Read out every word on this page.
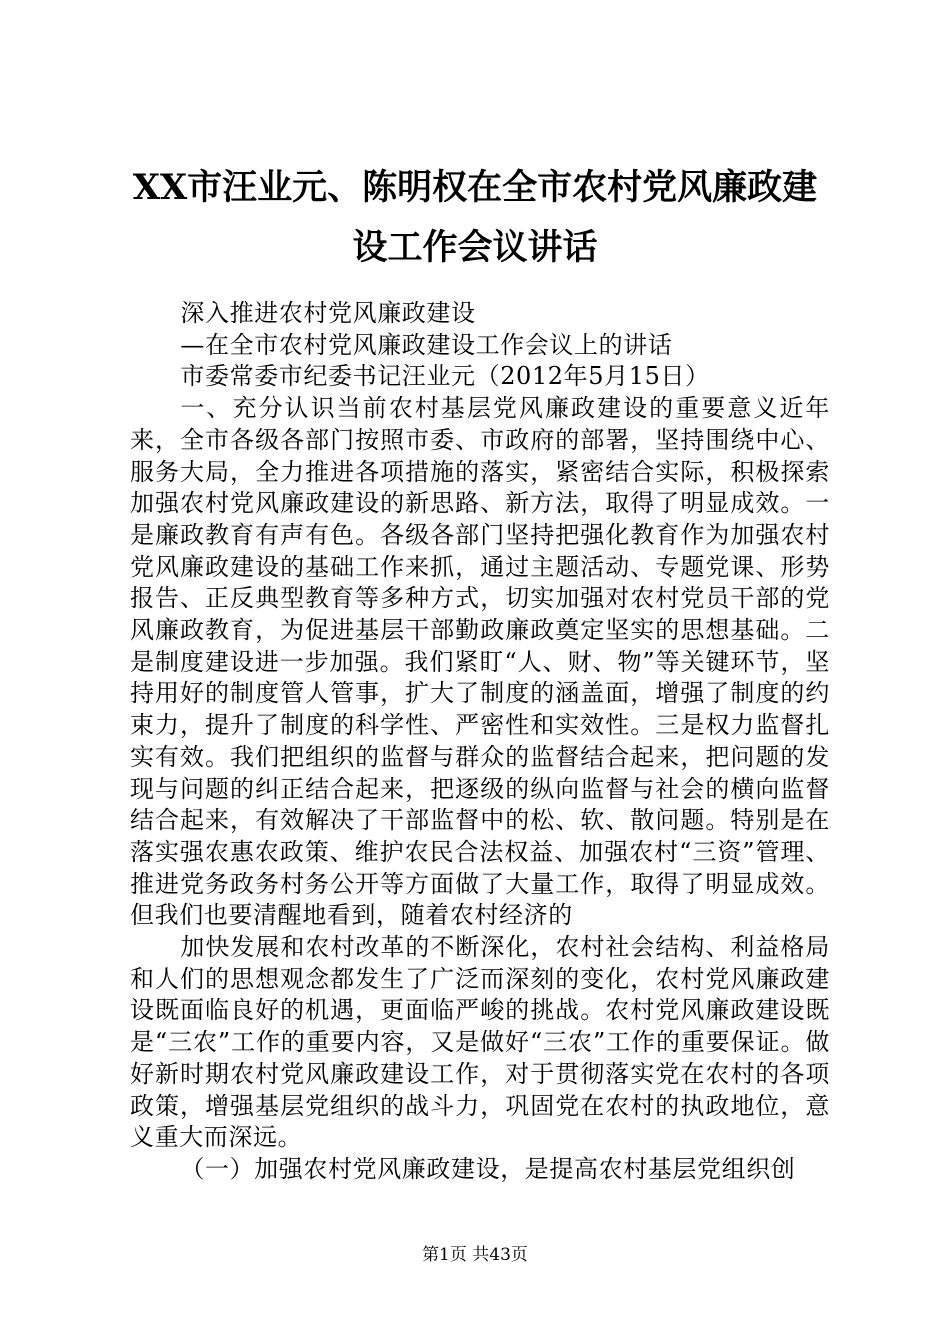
XX市汪业元、陈明权在全市农村党风廉政建
设工作会议讲话

深入推进农村党风廉政建设

—在全市农村党风廉政建设工作会议上的讲话

市委常委市纪委书记汪业元（2012年5月15日）

一、充分认识当前农村基层党风廉政建设的重要意义近年来，全市各级各部门按照市委、市政府的部署，坚持围绕中心、服务大局，全力推进各项措施的落实，紧密结合实际，积极探索加强农村党风廉政建设的新思路、新方法，取得了明显成效。一是廉政教育有声有色。各级各部门坚持把强化教育作为加强农村党风廉政建设的基础工作来抓，通过主题活动、专题党课、形势报告、正反典型教育等多种方式，切实加强对农村党员干部的党风廉政教育，为促进基层干部勤政廉政奠定坚实的思想基础。二是制度建设进一步加强。我们紧盯“人、财、物”等关键环节，坚持用好的制度管人管事，扩大了制度的涵盖面，增强了制度的约束力，提升了制度的科学性、严密性和实效性。三是权力监督扎实有效。我们把组织的监督与群众的监督结合起来，把问题的发现与问题的纠正结合起来，把逐级的纵向监督与社会的横向监督结合起来，有效解决了干部监督中的松、软、散问题。特别是在落实强农惠农政策、维护农民合法权益、加强农村“三资”管理、推进党务政务村务公开等方面做了大量工作，取得了明显成效。但我们也要清醒地看到，随着农村经济的

加快发展和农村改革的不断深化，农村社会结构、利益格局和人们的思想观念都发生了广泛而深刻的变化，农村党风廉政建设既面临良好的机遇，更面临严峻的挑战。农村党风廉政建设既是“三农”工作的重要内容，又是做好“三农”工作的重要保证。做好新时期农村党风廉政建设工作，对于贯彻落实党在农村的各项政策，增强基层党组织的战斗力，巩固党在农村的执政地位，意义重大而深远。

（一）加强农村党风廉政建设，是提高农村基层党组织创

第1页 共43页
